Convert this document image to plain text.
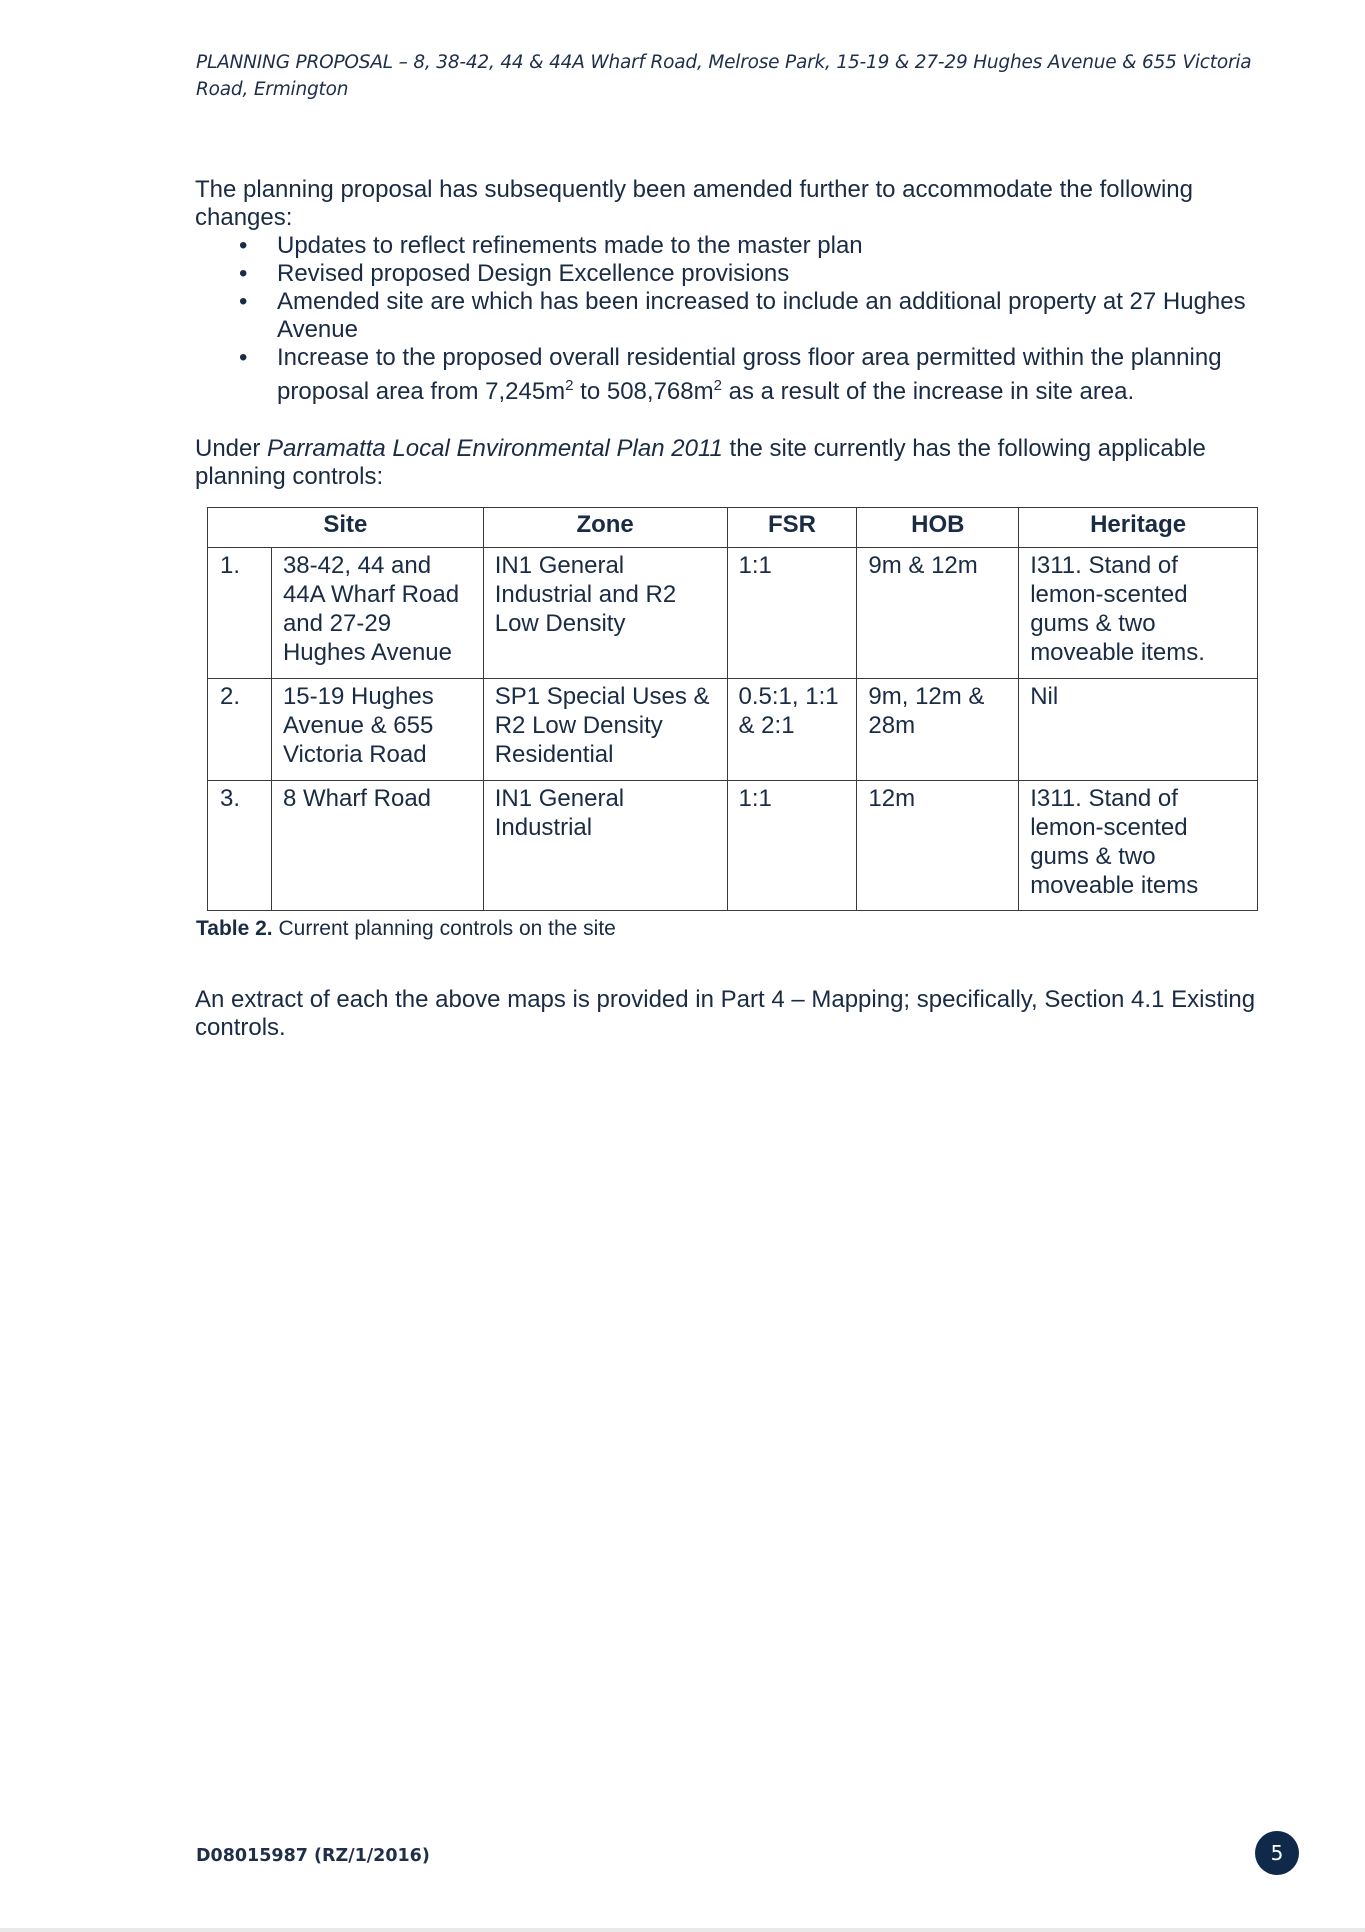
PLANNING PROPOSAL – 8, 38-42, 44 & 44A Wharf Road, Melrose Park, 15-19 & 27-29 Hughes Avenue & 655 Victoria Road, Ermington
The planning proposal has subsequently been amended further to accommodate the following changes:
• Updates to reflect refinements made to the master plan
• Revised proposed Design Excellence provisions
• Amended site are which has been increased to include an additional property at 27 Hughes Avenue
• Increase to the proposed overall residential gross floor area permitted within the planning proposal area from $7,245m^2$ to $508,768m^2$ as a result of the increase in site area.
Under Parramatta Local Environmental Plan 2011 the site currently has the following applicable planning controls:
Site		Zone	FSR	HOB	Heritage
1.	38-42, 44 and 44A Wharf Road and 27-29 Hughes Avenue	IN1 General Industrial and R2 Low Density	1:1	9m & 12m	I311. Stand of lemon-scented gums & two moveable items.
2.	15-19 Hughes Avenue & 655 Victoria Road	SP1 Special Uses & R2 Low Density Residential	0.5:1, 1:1 & 2:1	9m, 12m & 28m	Nil
3.	8 Wharf Road	IN1 General Industrial	1:1	12m	I311. Stand of lemon-scented gums & two moveable items
Table 2. Current planning controls on the site
An extract of each the above maps is provided in Part 4 – Mapping; specifically, Section 4.1 Existing controls.
D08015987 (RZ/1/2016)	5
